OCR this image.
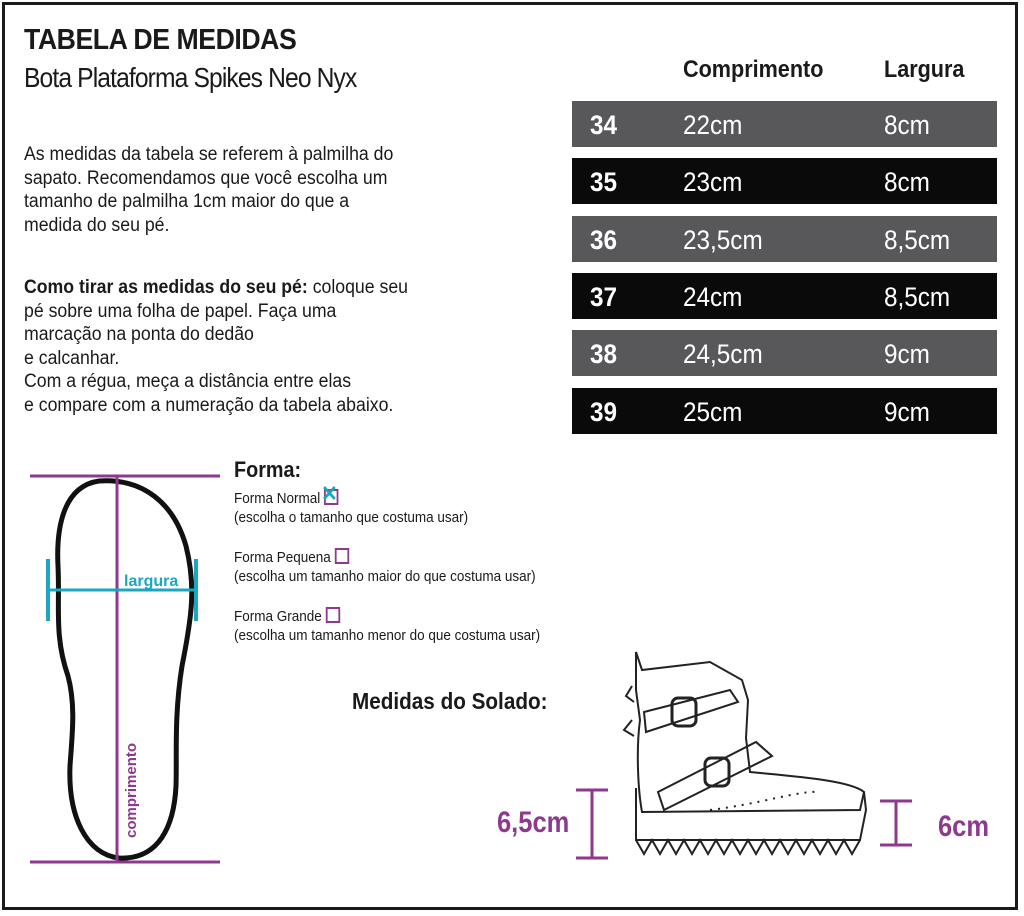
TABELA DE MEDIDAS
Bota Plataforma Spikes Neo Nyx
As medidas da tabela se referem à palmilha do
sapato. Recomendamos que você escolha um
tamanho de palmilha 1cm maior do que a
medida do seu pé.
Como tirar as medidas do seu pé: coloque seu
pé sobre uma folha de papel. Faça uma
marcação na ponta do dedão
e calcanhar.
Com a régua, meça a distância entre elas
e compare com a numeração da tabela abaixo.
Comprimento	Largura
34 22cm	8cm
35 23cm	8cm
36 23,5cm	8,5cm
37 24cm	8,5cm
38 24,5cm	9cm
39 25cm	9cm
largura
comprimento
Forma:
Forma Normal ✕
(escolha o tamanho que costuma usar)
Forma Pequena
(escolha um tamanho maior do que costuma usar)
Forma Grande
(escolha um tamanho menor do que costuma usar)
Medidas do Solado:
6,5cm	6cm
